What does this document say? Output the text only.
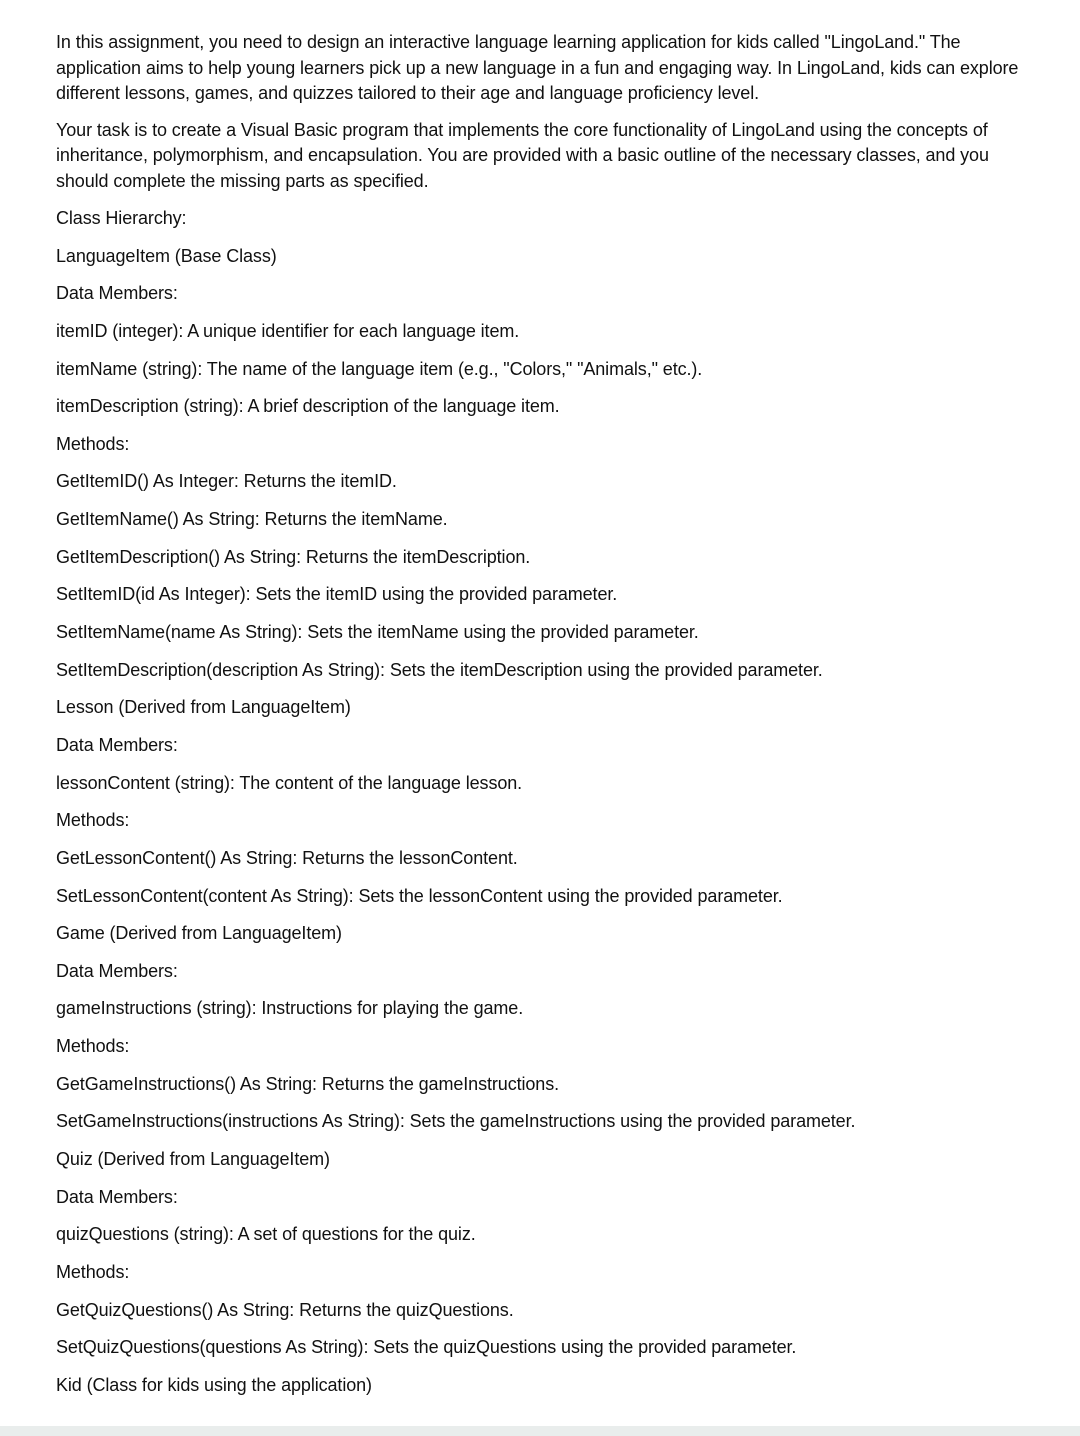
In this assignment, you need to design an interactive language learning application for kids called "LingoLand." The application aims to help young learners pick up a new language in a fun and engaging way. In LingoLand, kids can explore different lessons, games, and quizzes tailored to their age and language proficiency level.

Your task is to create a Visual Basic program that implements the core functionality of LingoLand using the concepts of inheritance, polymorphism, and encapsulation. You are provided with a basic outline of the necessary classes, and you should complete the missing parts as specified.

Class Hierarchy:
LanguageItem (Base Class)
Data Members:
itemID (integer): A unique identifier for each language item.
itemName (string): The name of the language item (e.g., "Colors," "Animals," etc.).
itemDescription (string): A brief description of the language item.
Methods:
GetItemID() As Integer: Returns the itemID.
GetItemName() As String: Returns the itemName.
GetItemDescription() As String: Returns the itemDescription.
SetItemID(id As Integer): Sets the itemID using the provided parameter.
SetItemName(name As String): Sets the itemName using the provided parameter.
SetItemDescription(description As String): Sets the itemDescription using the provided parameter.
Lesson (Derived from LanguageItem)
Data Members:
lessonContent (string): The content of the language lesson.
Methods:
GetLessonContent() As String: Returns the lessonContent.
SetLessonContent(content As String): Sets the lessonContent using the provided parameter.
Game (Derived from LanguageItem)
Data Members:
gameInstructions (string): Instructions for playing the game.
Methods:
GetGameInstructions() As String: Returns the gameInstructions.
SetGameInstructions(instructions As String): Sets the gameInstructions using the provided parameter.
Quiz (Derived from LanguageItem)
Data Members:
quizQuestions (string): A set of questions for the quiz.
Methods:
GetQuizQuestions() As String: Returns the quizQuestions.
SetQuizQuestions(questions As String): Sets the quizQuestions using the provided parameter.
Kid (Class for kids using the application)
